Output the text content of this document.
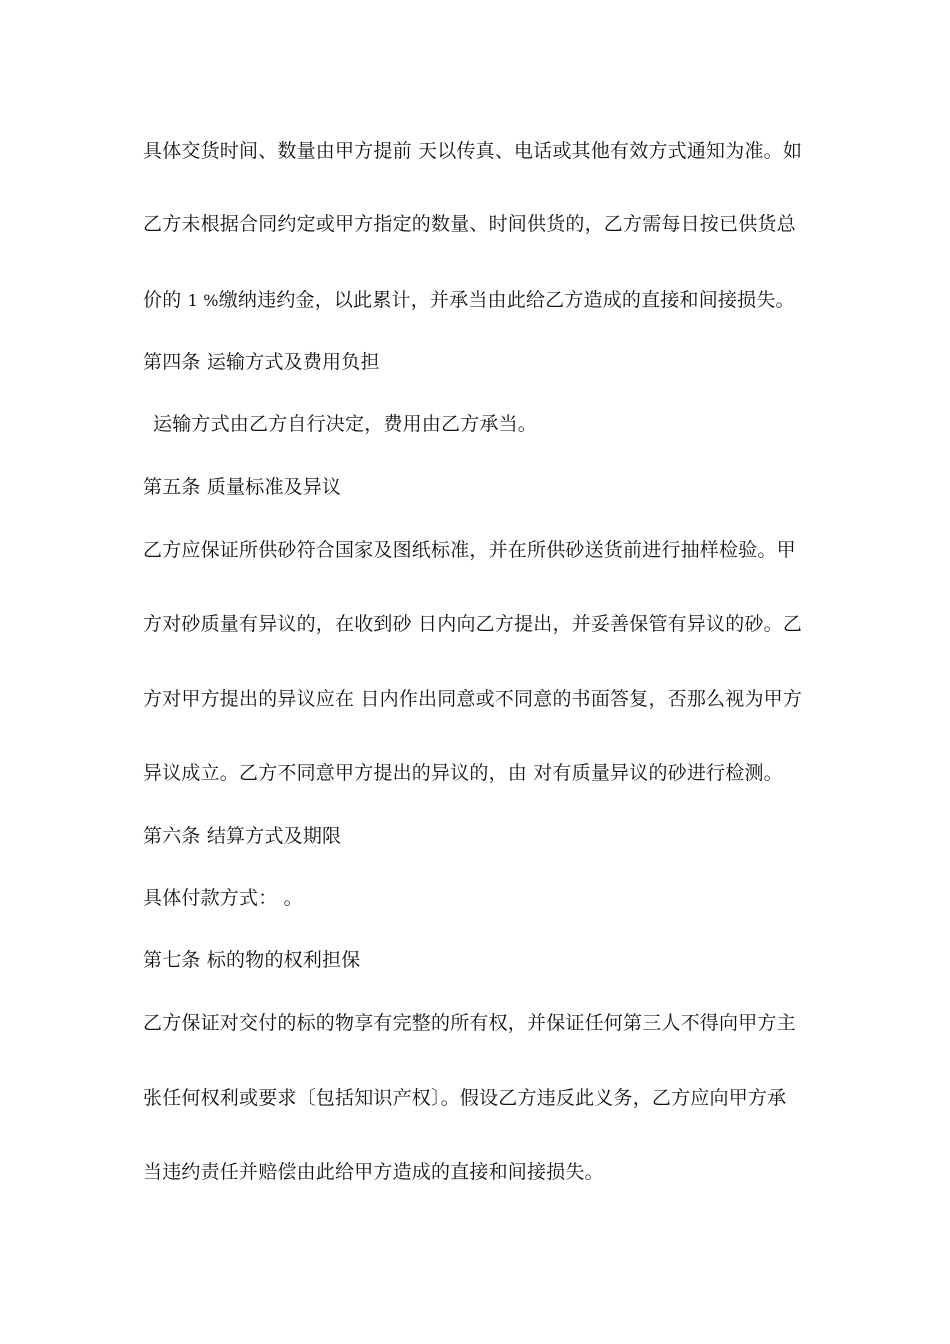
具体交货时间、数量由甲方提前 天以传真、电话或其他有效方式通知为准。如
乙方未根据合同约定或甲方指定的数量、时间供货的，乙方需每日按已供货总
价的 1 %缴纳违约金，以此累计，并承当由此给乙方造成的直接和间接损失。
第四条 运输方式及费用负担
运输方式由乙方自行决定，费用由乙方承当。
第五条 质量标准及异议
乙方应保证所供砂符合国家及图纸标准，并在所供砂送货前进行抽样检验。甲
方对砂质量有异议的，在收到砂 日内向乙方提出，并妥善保管有异议的砂。乙
方对甲方提出的异议应在 日内作出同意或不同意的书面答复，否那么视为甲方
异议成立。乙方不同意甲方提出的异议的，由 对有质量异议的砂进行检测。
第六条 结算方式及期限
具体付款方式： 。
第七条 标的物的权利担保
乙方保证对交付的标的物享有完整的所有权，并保证任何第三人不得向甲方主
张任何权利或要求〔包括知识产权〕。假设乙方违反此义务，乙方应向甲方承
当违约责任并赔偿由此给甲方造成的直接和间接损失。
